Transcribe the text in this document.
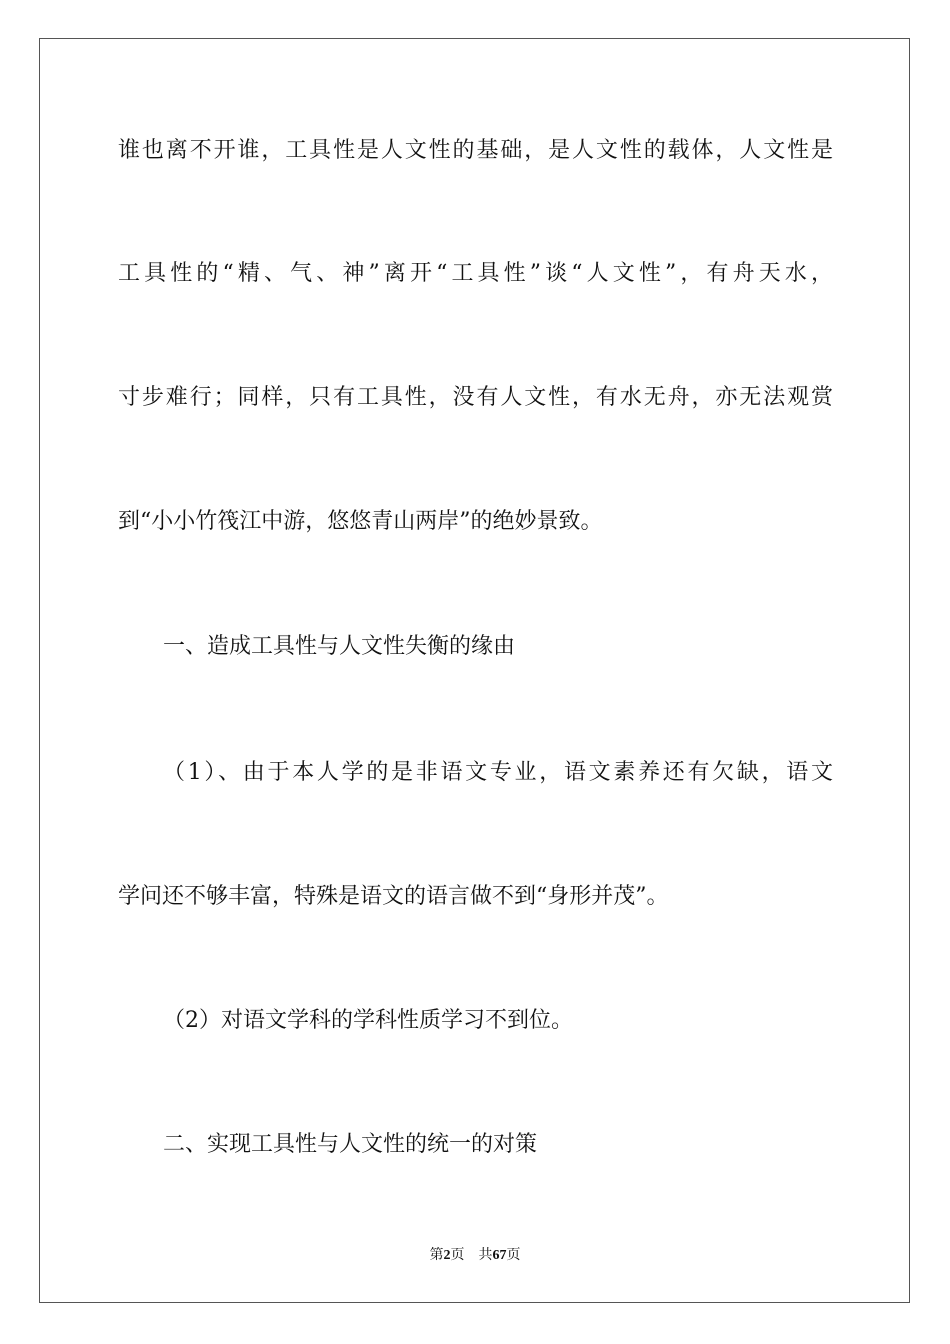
谁也离不开谁，工具性是人文性的基础，是人文性的载体，人文性是
工具性的“精、气、神”离开“工具性”谈“人文性”，有舟天水，
寸步难行；同样，只有工具性，没有人文性，有水无舟，亦无法观赏
到“小小竹筏江中游，悠悠青山两岸”的绝妙景致。
一、造成工具性与人文性失衡的缘由
（1）、由于本人学的是非语文专业，语文素养还有欠缺，语文
学问还不够丰富，特殊是语文的语言做不到“身形并茂”。
（2）对语文学科的学科性质学习不到位。
二、实现工具性与人文性的统一的对策
第2页 共67页
